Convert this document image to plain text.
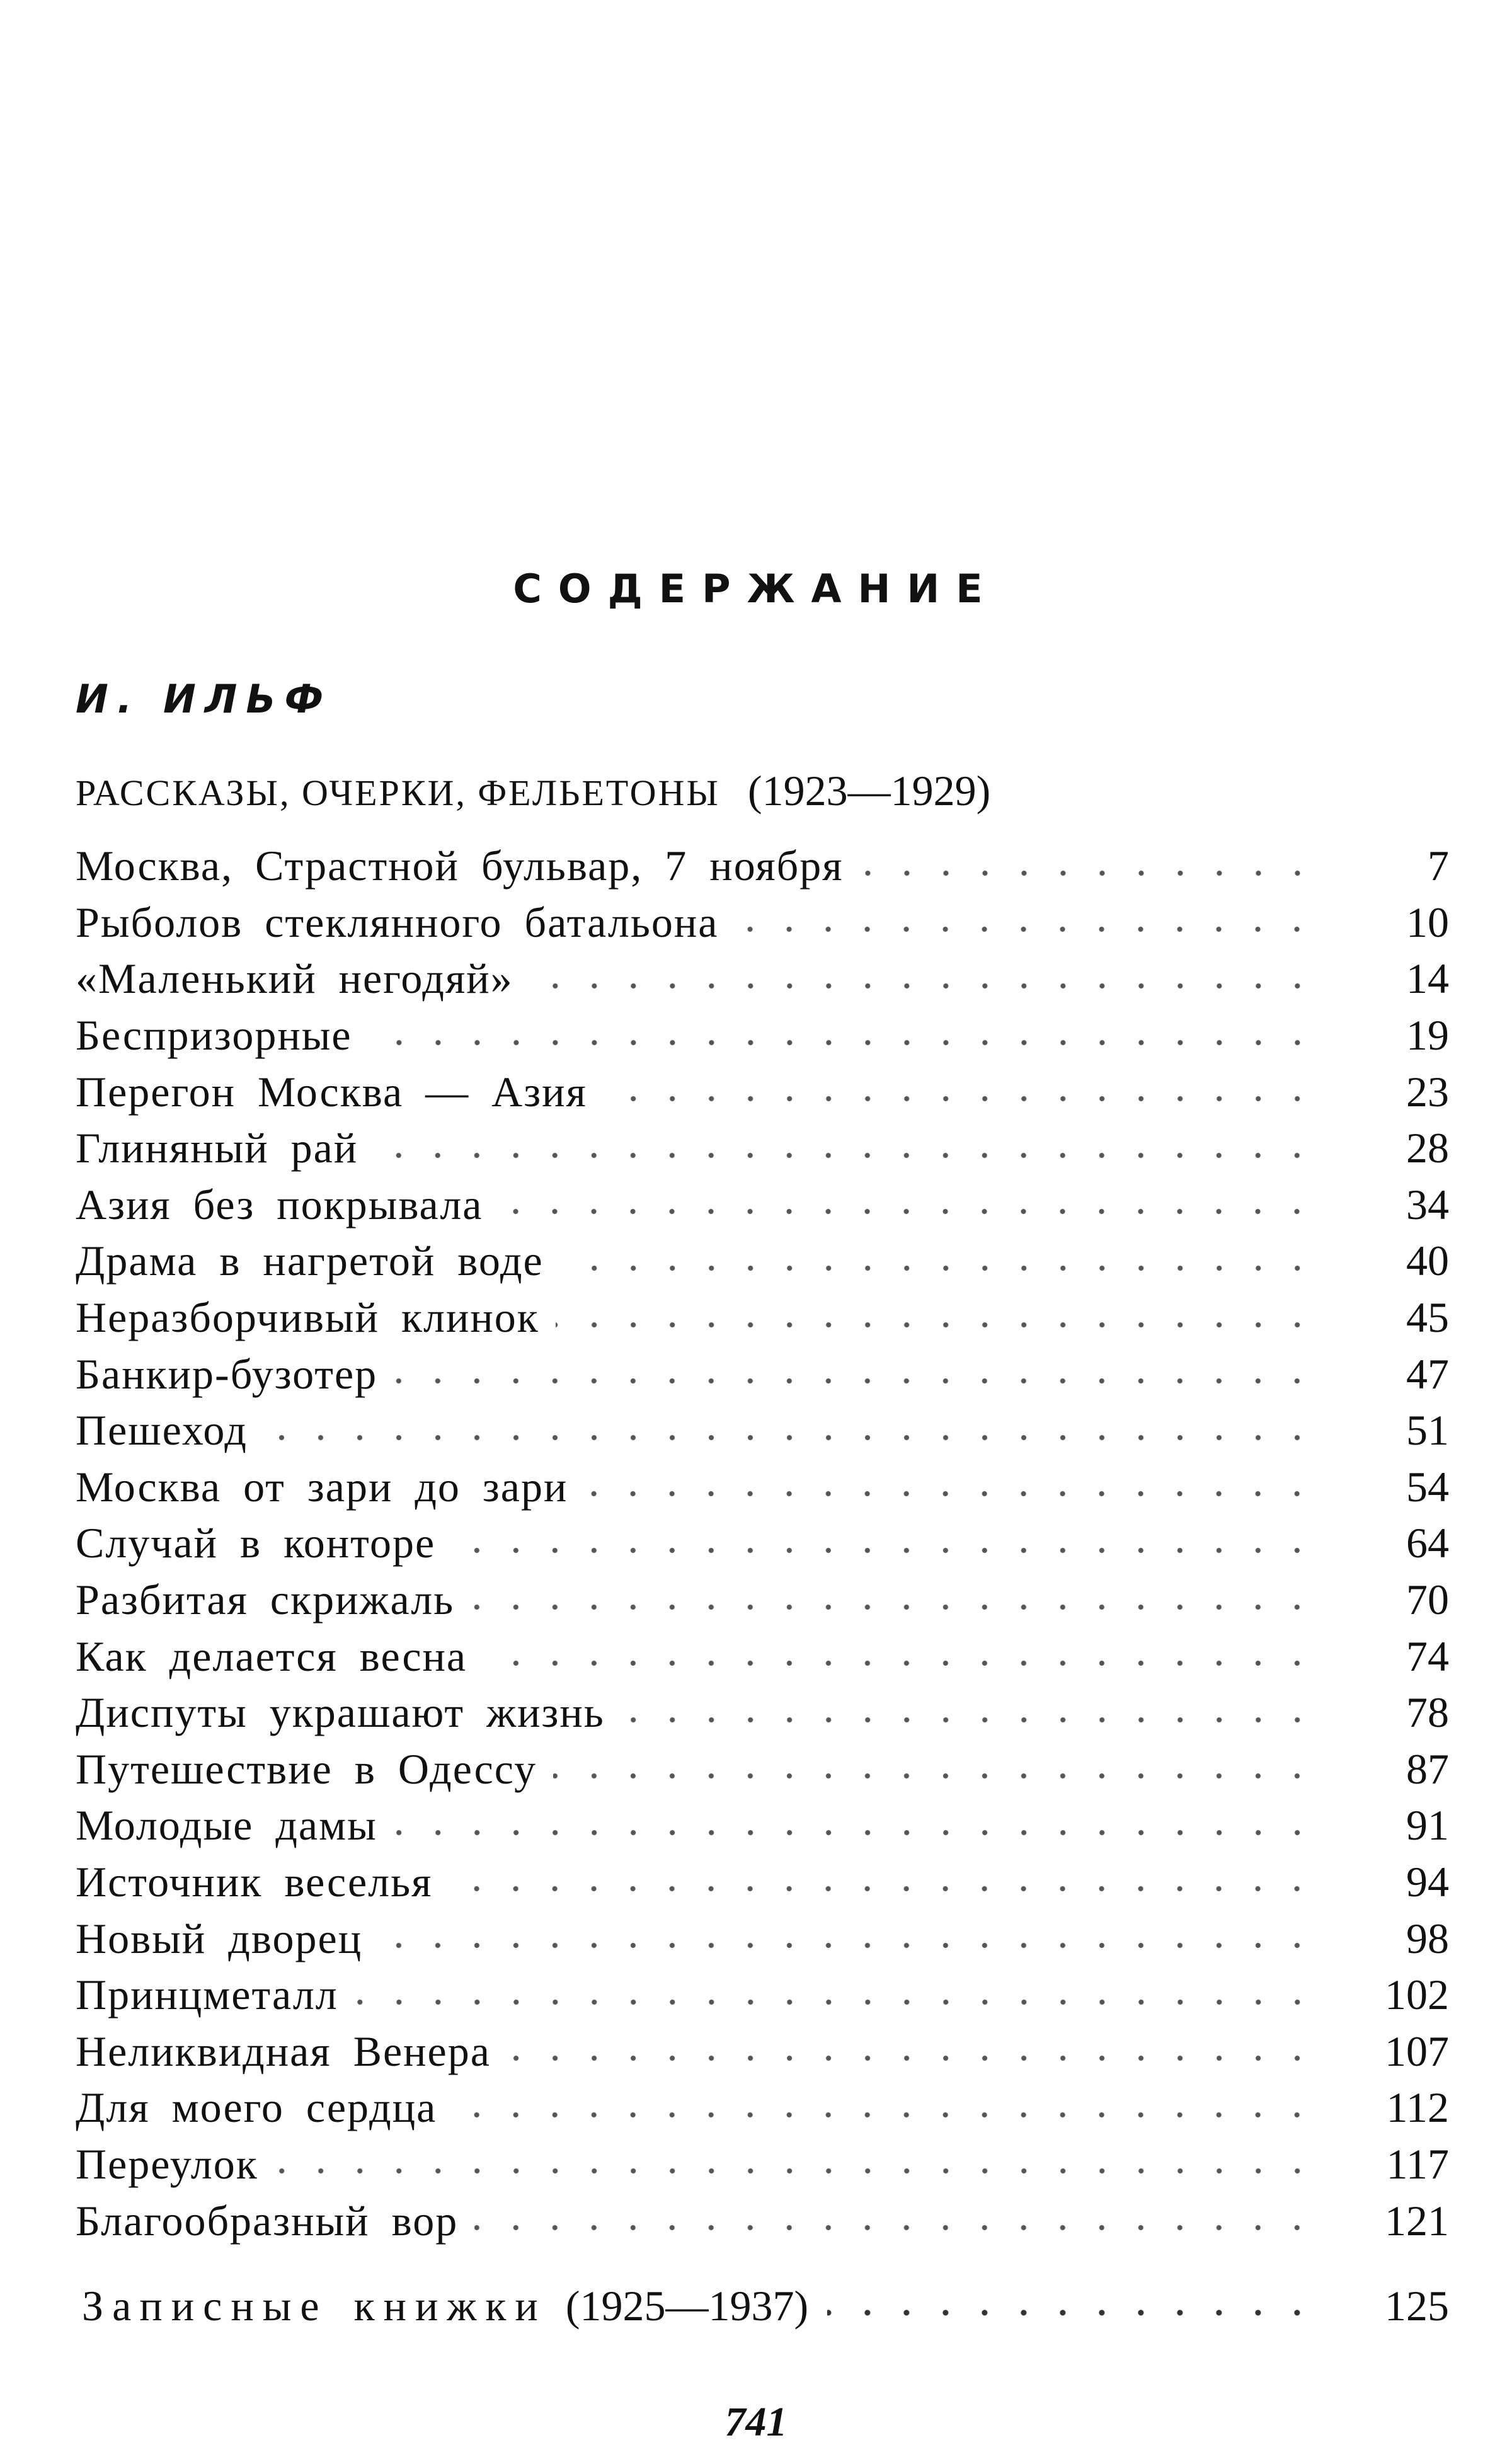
СОДЕРЖАНИЕ
И. ИЛЬФ
РАССКАЗЫ, ОЧЕРКИ, ФЕЛЬЕТОНЫ (1923—1929)
Москва, Страстной бульвар, 7 ноября	7
Рыболов стеклянного батальона	10
«Маленький негодяй»	14
Беспризорные	19
Перегон Москва — Азия	23
Глиняный рай	28
Азия без покрывала	34
Драма в нагретой воде	40
Неразборчивый клинок	45
Банкир-бузотер	47
Пешеход	51
Москва от зари до зари	54
Случай в конторе	64
Разбитая скрижаль	70
Как делается весна	74
Диспуты украшают жизнь	78
Путешествие в Одессу	87
Молодые дамы	91
Источник веселья	94
Новый дворец	98
Принцметалл	102
Неликвидная Венера	107
Для моего сердца	112
Переулок	117
Благообразный вор	121
Записные книжки (1925—1937)	125
741
